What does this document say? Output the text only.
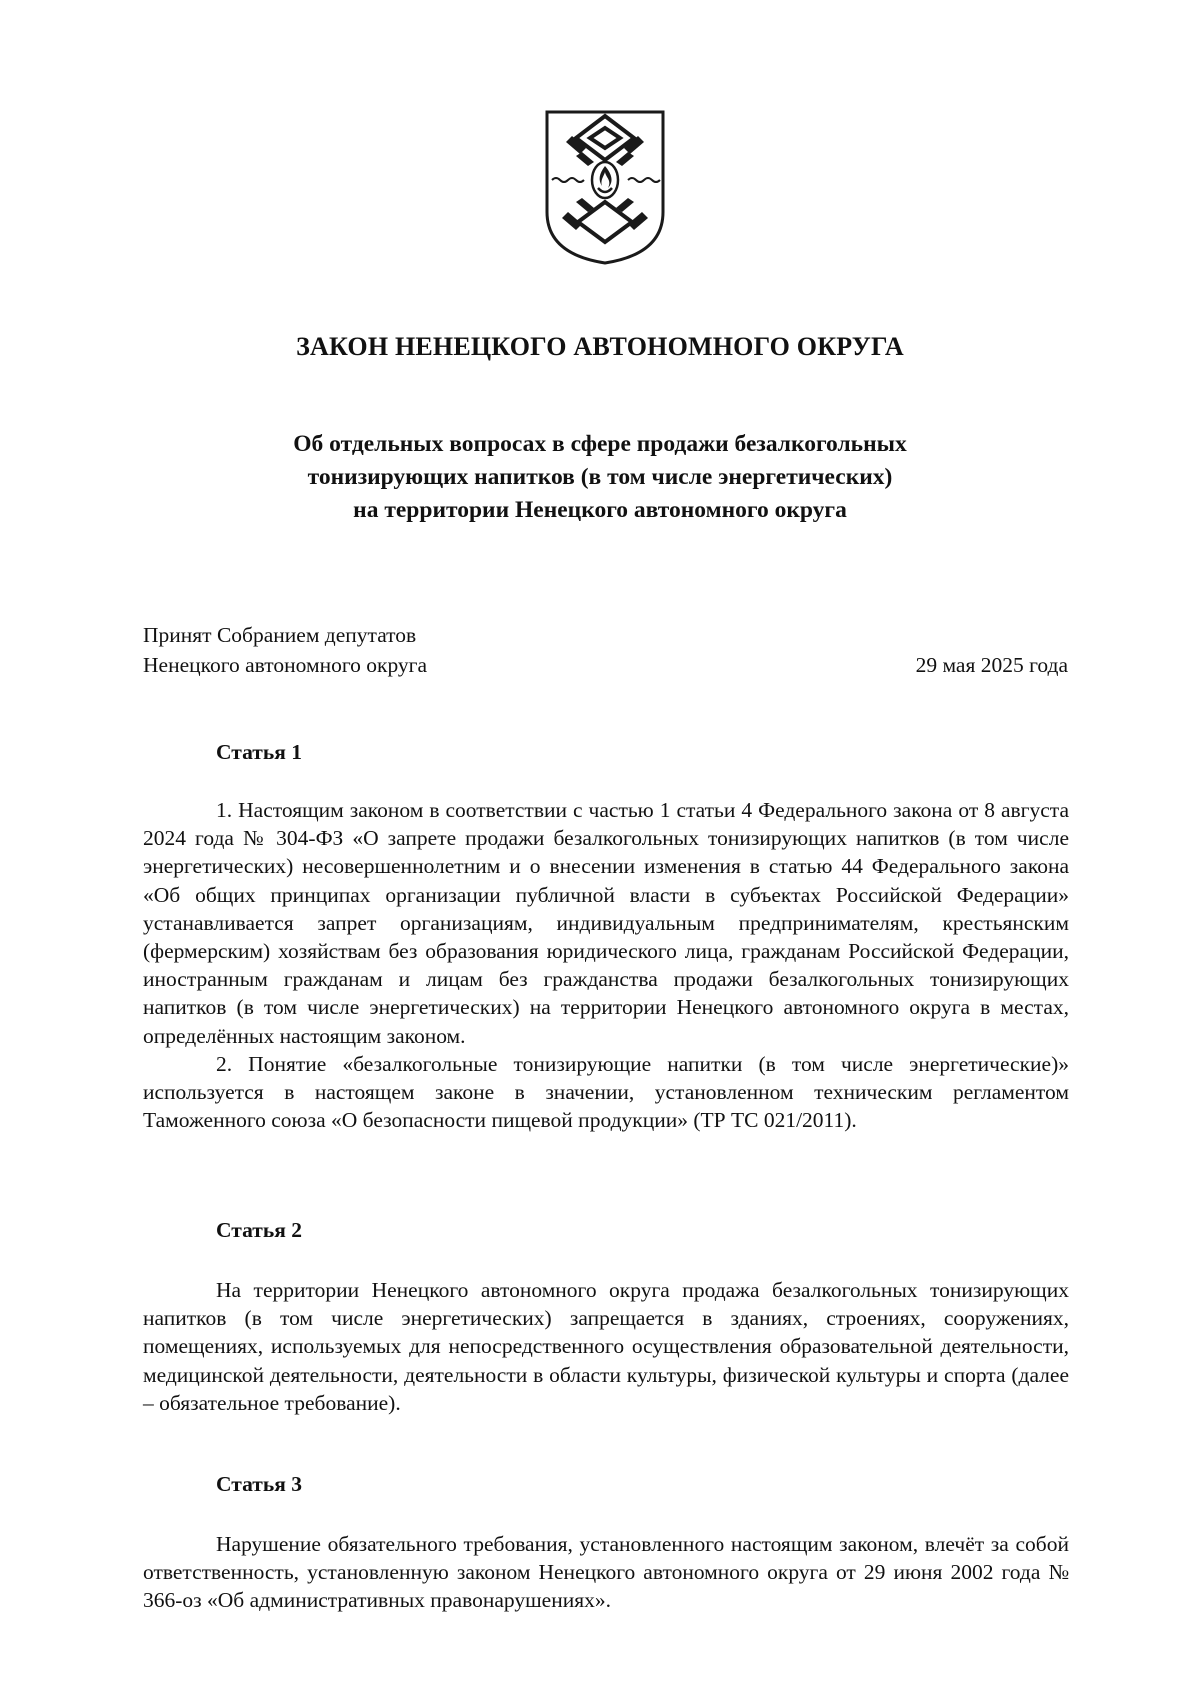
ЗАКОН НЕНЕЦКОГО АВТОНОМНОГО ОКРУГА
Об отдельных вопросах в сфере продажи безалкогольных
тонизирующих напитков (в том числе энергетических)
на территории Ненецкого автономного округа
Принят Собранием депутатов
Ненецкого автономного округа	29 мая 2025 года
Статья 1

1. Настоящим законом в соответствии с частью 1 статьи 4 Федерального закона от 8 августа 2024 года № 304-ФЗ «О запрете продажи безалкогольных тонизирующих напитков (в том числе энергетических) несовершеннолетним и о внесении изменения в статью 44 Федерального закона «Об общих принципах организации публичной власти в субъектах Российской Федерации» устанавливается запрет организациям, индивидуальным предпринимателям, крестьянским (фермерским) хозяйствам без образования юридического лица, гражданам Российской Федерации, иностранным гражданам и лицам без гражданства продажи безалкогольных тонизирующих напитков (в том числе энергетических) на территории Ненецкого автономного округа в местах, определённых настоящим законом.

2. Понятие «безалкогольные тонизирующие напитки (в том числе энергетические)» используется в настоящем законе в значении, установленном техническим регламентом Таможенного союза «О безопасности пищевой продукции» (ТР ТС 021/2011).

Статья 2

На территории Ненецкого автономного округа продажа безалкогольных тонизирующих напитков (в том числе энергетических) запрещается в зданиях, строениях, сооружениях, помещениях, используемых для непосредственного осуществления образовательной деятельности, медицинской деятельности, деятельности в области культуры, физической культуры и спорта (далее – обязательное требование).

Статья 3

Нарушение обязательного требования, установленного настоящим законом, влечёт за собой ответственность, установленную законом Ненецкого автономного округа от 29 июня 2002 года № 366-оз «Об административных правонарушениях».
